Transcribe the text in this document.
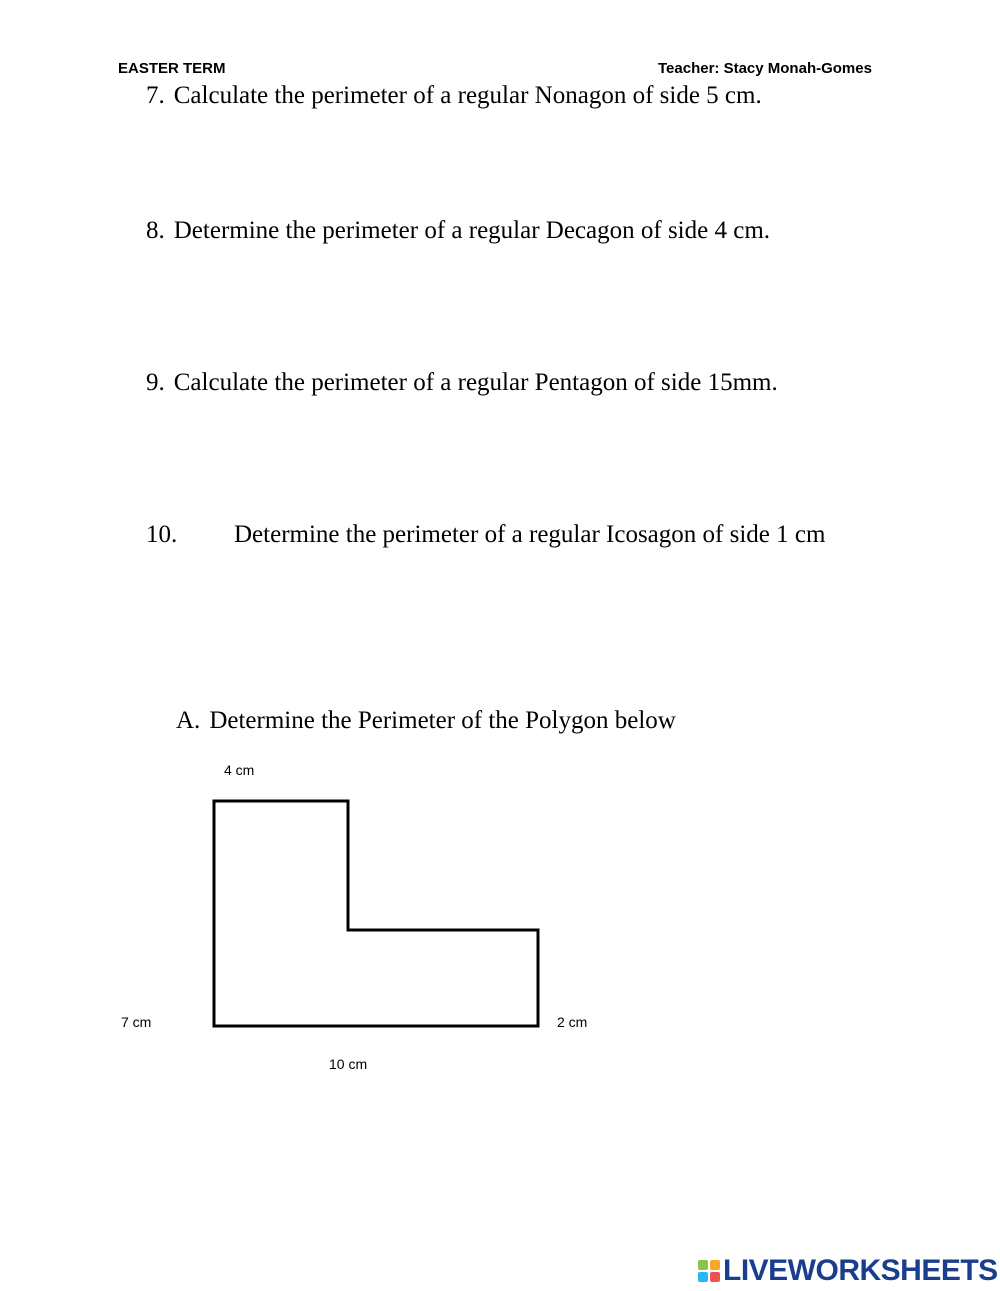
EASTER TERM	Teacher: Stacy Monah-Gomes
7. Calculate the perimeter of a regular Nonagon of side 5 cm.
8. Determine the perimeter of a regular Decagon of side 4 cm.
9. Calculate the perimeter of a regular Pentagon of side 15mm.
10. Determine the perimeter of a regular Icosagon of side 1 cm
A. Determine the Perimeter of the Polygon below
4 cm
7 cm	2 cm
10 cm
LIVEWORKSHEETS
